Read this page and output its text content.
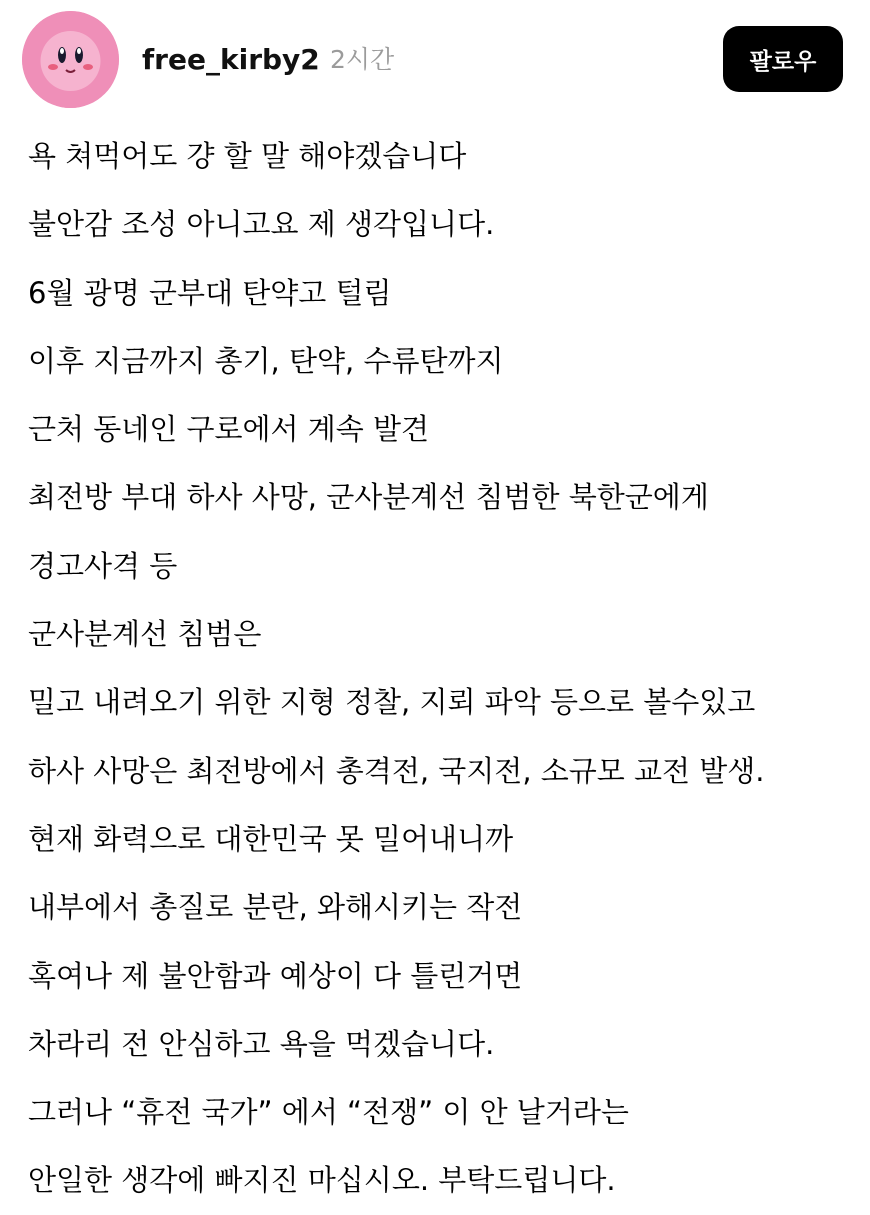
free_kirby2 2시간	팔로우
욕 쳐먹어도 걍 할 말 해야겠습니다
불안감 조성 아니고요 제 생각입니다.
6월 광명 군부대 탄약고 털림
이후 지금까지 총기, 탄약, 수류탄까지
근처 동네인 구로에서 계속 발견
최전방 부대 하사 사망, 군사분계선 침범한 북한군에게
경고사격 등
군사분계선 침범은
밀고 내려오기 위한 지형 정찰, 지뢰 파악 등으로 볼수있고
하사 사망은 최전방에서 총격전, 국지전, 소규모 교전 발생.
현재 화력으로 대한민국 못 밀어내니까
내부에서 총질로 분란, 와해시키는 작전
혹여나 제 불안함과 예상이 다 틀린거면
차라리 전 안심하고 욕을 먹겠습니다.
그러나 “휴전 국가” 에서 “전쟁” 이 안 날거라는
안일한 생각에 빠지진 마십시오. 부탁드립니다.
